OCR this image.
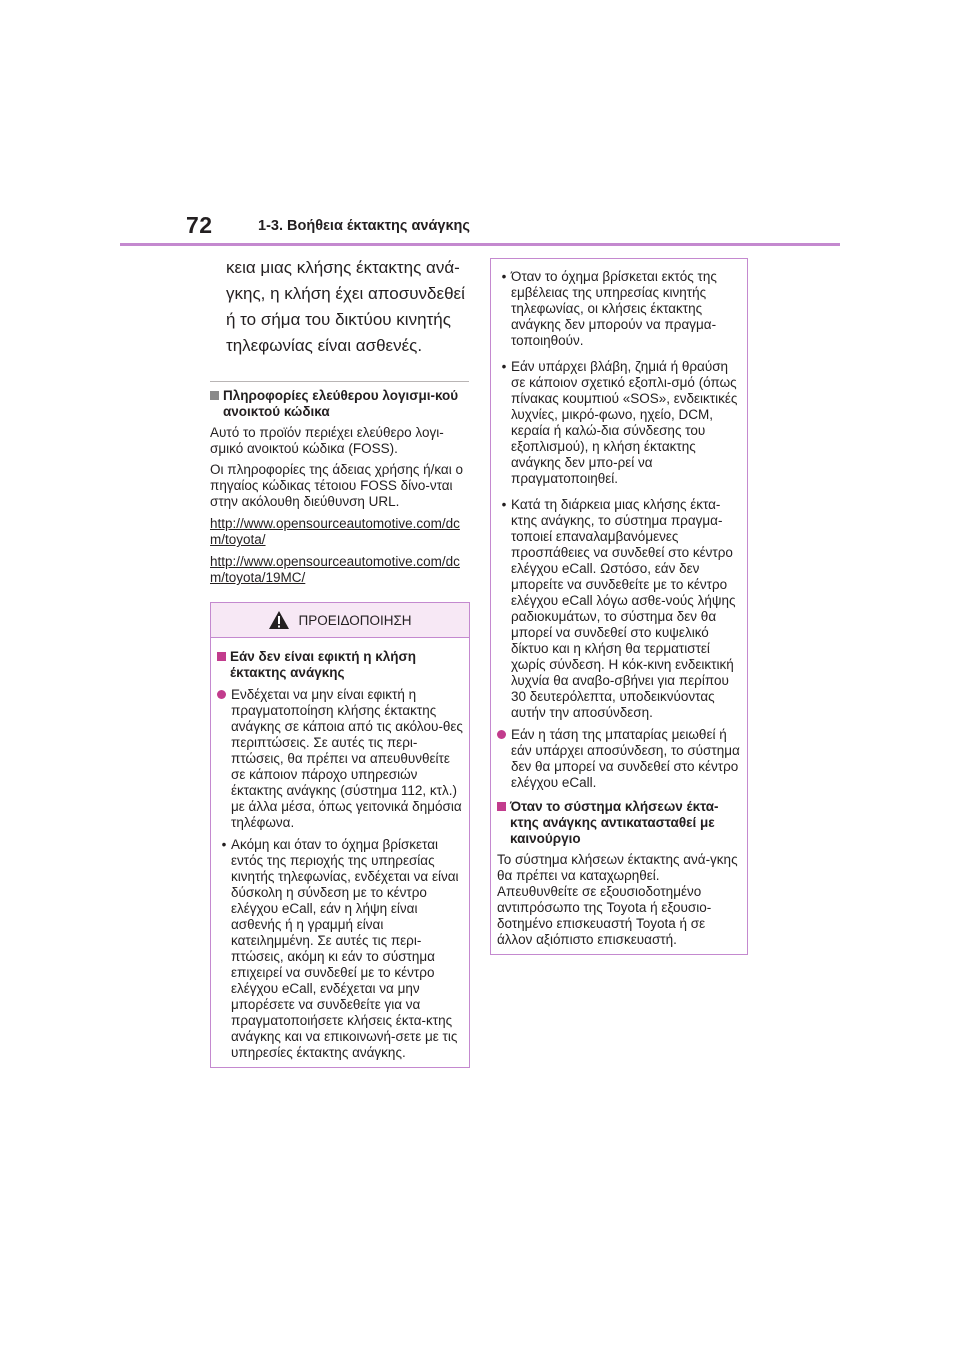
72	1-3. Βοήθεια έκτακτης ανάγκης

κεια μιας κλήσης έκτακτης ανά-γκης, η κλήση έχει αποσυνδεθεί ή το σήμα του δικτύου κινητής τηλεφωνίας είναι ασθενές.

Πληροφορίες ελεύθερου λογισμι-κού ανοικτού κώδικα

Αυτό το προϊόν περιέχει ελεύθερο λογι-σμικό ανοικτού κώδικα (FOSS).

Οι πληροφορίες της άδειας χρήσης ή/και ο πηγαίος κώδικας τέτοιου FOSS δίνο-νται στην ακόλουθη διεύθυνση URL.

http://www.opensourceautomotive.com/dcm/toyota/

http://www.opensourceautomotive.com/dcm/toyota/19MC/

ΠΡΟΕΙΔΟΠΟΙΗΣΗ
Εάν δεν είναι εφικτή η κλήση έκτακτης ανάγκης
Ενδέχεται να μην είναι εφικτή η πραγματοποίηση κλήσης έκτακτης ανάγκης σε κάποια από τις ακόλου-θες περιπτώσεις. Σε αυτές τις περι-πτώσεις, θα πρέπει να απευθυνθείτε σε κάποιον πάροχο υπηρεσιών έκτακτης ανάγκης (σύστημα 112, κτλ.) με άλλα μέσα, όπως γειτονικά δημόσια τηλέφωνα.
• Ακόμη και όταν το όχημα βρίσκεται εντός της περιοχής της υπηρεσίας κινητής τηλεφωνίας, ενδέχεται να είναι δύσκολη η σύνδεση με το κέντρο ελέγχου eCall, εάν η λήψη είναι ασθενής ή η γραμμή είναι κατειλημμένη. Σε αυτές τις περι-πτώσεις, ακόμη κι εάν το σύστημα επιχειρεί να συνδεθεί με το κέντρο ελέγχου eCall, ενδέχεται να μην μπορέσετε να συνδεθείτε για να πραγματοποιήσετε κλήσεις έκτα-κτης ανάγκης και να επικοινωνή-σετε με τις υπηρεσίες έκτακτης ανάγκης.
• Όταν το όχημα βρίσκεται εκτός της εμβέλειας της υπηρεσίας κινητής τηλεφωνίας, οι κλήσεις έκτακτης ανάγκης δεν μπορούν να πραγμα-τοποιηθούν.
• Εάν υπάρχει βλάβη, ζημιά ή θραύση σε κάποιον σχετικό εξοπλι-σμό (όπως πίνακας κουμπιού «SOS», ενδεικτικές λυχνίες, μικρό-φωνο, ηχείο, DCM, κεραία ή καλώ-δια σύνδεσης του εξοπλισμού), η κλήση έκτακτης ανάγκης δεν μπο-ρεί να πραγματοποιηθεί.
• Κατά τη διάρκεια μιας κλήσης έκτα-κτης ανάγκης, το σύστημα πραγμα-τοποιεί επαναλαμβανόμενες προσπάθειες να συνδεθεί στο κέντρο ελέγχου eCall. Ωστόσο, εάν δεν μπορείτε να συνδεθείτε με το κέντρο ελέγχου eCall λόγω ασθε-νούς λήψης ραδιοκυμάτων, το σύστημα δεν θα μπορεί να συνδεθεί στο κυψελικό δίκτυο και η κλήση θα τερματιστεί χωρίς σύνδεση. Η κόκ-κινη ενδεικτική λυχνία θα αναβο-σβήνει για περίπου 30 δευτερόλεπτα, υποδεικνύοντας αυτήν την αποσύνδεση.
Εάν η τάση της μπαταρίας μειωθεί ή εάν υπάρχει αποσύνδεση, το σύστημα δεν θα μπορεί να συνδεθεί στο κέντρο ελέγχου eCall.
Όταν το σύστημα κλήσεων έκτα-κτης ανάγκης αντικατασταθεί με καινούργιο

Το σύστημα κλήσεων έκτακτης ανά-γκης θα πρέπει να καταχωρηθεί. Απευθυνθείτε σε εξουσιοδοτημένο αντιπρόσωπο της Toyota ή εξουσιο-δοτημένο επισκευαστή Toyota ή σε άλλον αξιόπιστο επισκευαστή.
